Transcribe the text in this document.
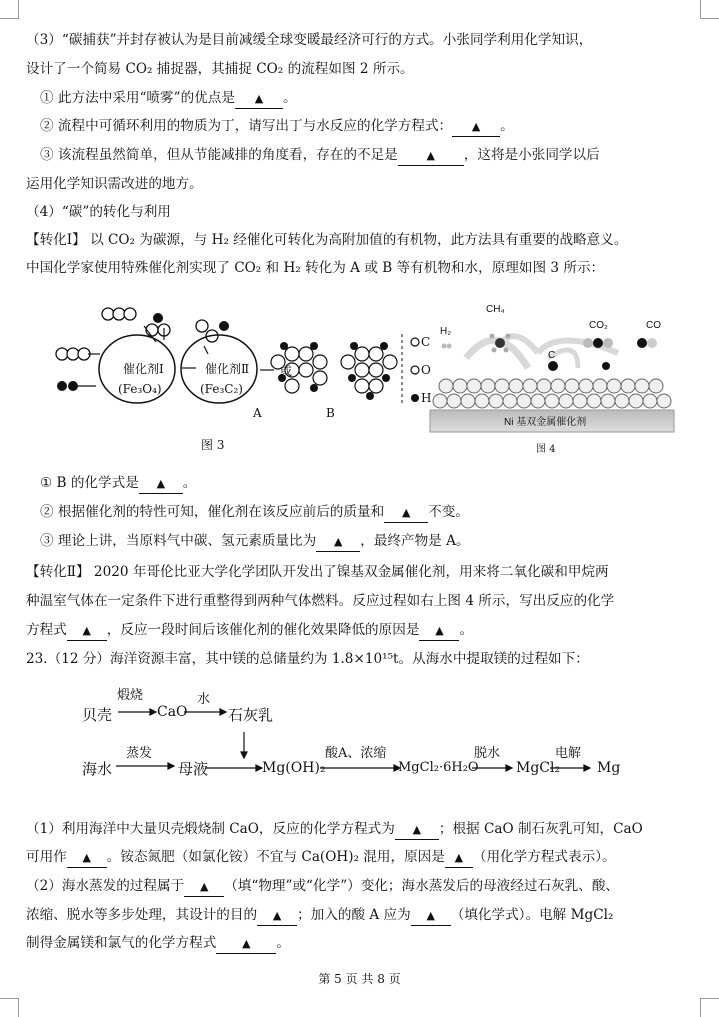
（3）“碳捕获”并封存被认为是目前减缓全球变暖最经济可行的方式。小张同学利用化学知识，
设计了一个简易 CO₂ 捕捉器，其捕捉 CO₂ 的流程如图 2 所示。
① 此方法中采用“喷雾”的优点是 ▲ 。
② 流程中可循环利用的物质为丁，请写出丁与水反应的化学方程式： ▲ 。
③ 该流程虽然简单，但从节能减排的角度看，存在的不足是	▲ ，这将是小张同学以后
运用化学知识需改进的地方。
（4）“碳”的转化与利用
【转化Ⅰ】 以 CO₂ 为碳源，与 H₂ 经催化可转化为高附加值的有机物，此方法具有重要的战略意义。
中国化学家使用特殊催化剂实现了 CO₂ 和 H₂ 转化为 A 或 B 等有机物和水，原理如图 3 所示：
催化剂Ⅰ
(Fe₃O₄)
催化剂Ⅱ
(Fe₃C₂)
或
A	B
C
O
H
图 3
H₂
CH₄
C
CO₂	CO
Ni 基双金属催化剂
图 4
① B 的化学式是 ▲ 。
② 根据催化剂的特性可知，催化剂在该反应前后的质量和 ▲ 不变。
③ 理论上讲，当原料气中碳、氢元素质量比为 ▲ ，最终产物是 A。
【转化Ⅱ】 2020 年哥伦比亚大学化学团队开发出了镍基双金属催化剂，用来将二氧化碳和甲烷两
种温室气体在一定条件下进行重整得到两种气体燃料。反应过程如右上图 4 所示，写出反应的化学
方程式 ▲ ，反应一段时间后该催化剂的催化效果降低的原因是 ▲ 。
23.（12 分）海洋资源丰富，其中镁的总储量约为 1.8×10¹⁵t。从海水中提取镁的过程如下：
贝壳
煅烧
CaO
水
石灰乳
海水
蒸发
母液	Mg(OH)₂
酸A、浓缩
MgCl₂·6H₂O
脱水
MgCl₂
电解
Mg
（1）利用海洋中大量贝壳煅烧制 CaO，反应的化学方程式为 ▲ ；根据 CaO 制石灰乳可知，CaO
可用作 ▲ 。铵态氮肥（如氯化铵）不宜与 Ca(OH)₂ 混用，原因是 ▲ （用化学方程式表示）。
（2）海水蒸发的过程属于 ▲ （填“物理”或“化学”）变化；海水蒸发后的母液经过石灰乳、酸、
浓缩、脱水等多步处理，其设计的目的 ▲ ；加入的酸 A 应为 ▲ （填化学式）。电解 MgCl₂
制得金属镁和氯气的化学方程式 ▲ 。
第 5 页 共 8 页
